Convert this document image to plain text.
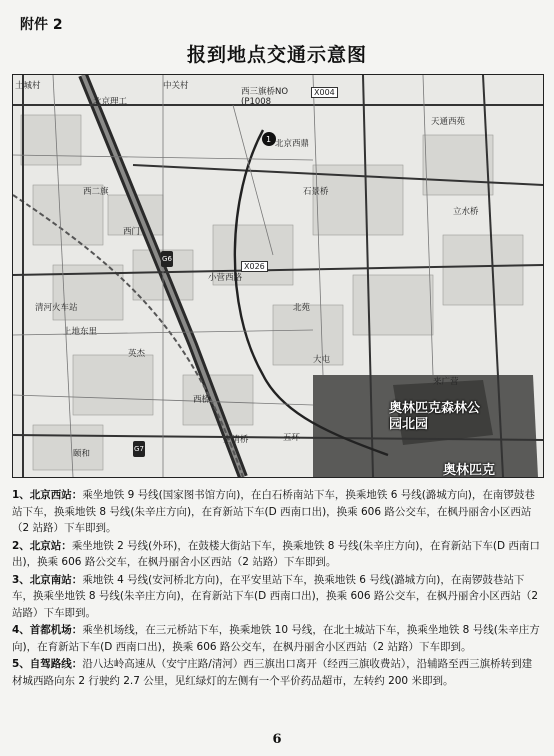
附件 2
报到地点交通示意图
1
土城村
北京理工
中关村
西三旗桥NO
(P1008
X004
北京西鼎
天通西苑
西二旗
西门
石景桥
立水桥
X026
小营西路
清河火车站
上地东里
英杰
北苑
大屯
西桥
上清桥	五环
颐和
来广营
奥林匹克森林公园北园
奥林匹克
G6
G7
1、北京西站：乘坐地铁 9 号线(国家图书馆方向)，在白石桥南站下车，换乘地铁 6 号线(潞城方向)，在南锣鼓巷站下车，换乘地铁 8 号线(朱辛庄方向)，在育新站下车(D 西南口出)，换乘 606 路公交车，在枫丹丽舍小区西站（2 站路）下车即到。
2、北京站：乘坐地铁 2 号线(外环)，在鼓楼大街站下车，换乘地铁 8 号线(朱辛庄方向)，在育新站下车(D 西南口出)，换乘 606 路公交车，在枫丹丽舍小区西站（2 站路）下车即到。
3、北京南站：乘地铁 4 号线(安河桥北方向)，在平安里站下车，换乘地铁 6 号线(潞城方向)，在南锣鼓巷站下车，换乘坐地铁 8 号线(朱辛庄方向)，在育新站下车(D 西南口出)，换乘 606 路公交车，在枫丹丽舍小区西站（2 站路）下车即到。
4、首都机场：乘坐机场线，在三元桥站下车，换乘地铁 10 号线，在北土城站下车，换乘坐地铁 8 号线(朱辛庄方向)，在育新站下车(D 西南口出)，换乘 606 路公交车，在枫丹丽舍小区西站（2 站路）下车即到。
5、自驾路线：沿八达岭高速从（安宁庄路/清河）西三旗出口离开（经西三旗收费站），沿辅路至西三旗桥转到建材城西路向东 2 行驶约 2.7 公里，见红绿灯的左侧有一个平价药品超市，左转约 200 米即到。
6
